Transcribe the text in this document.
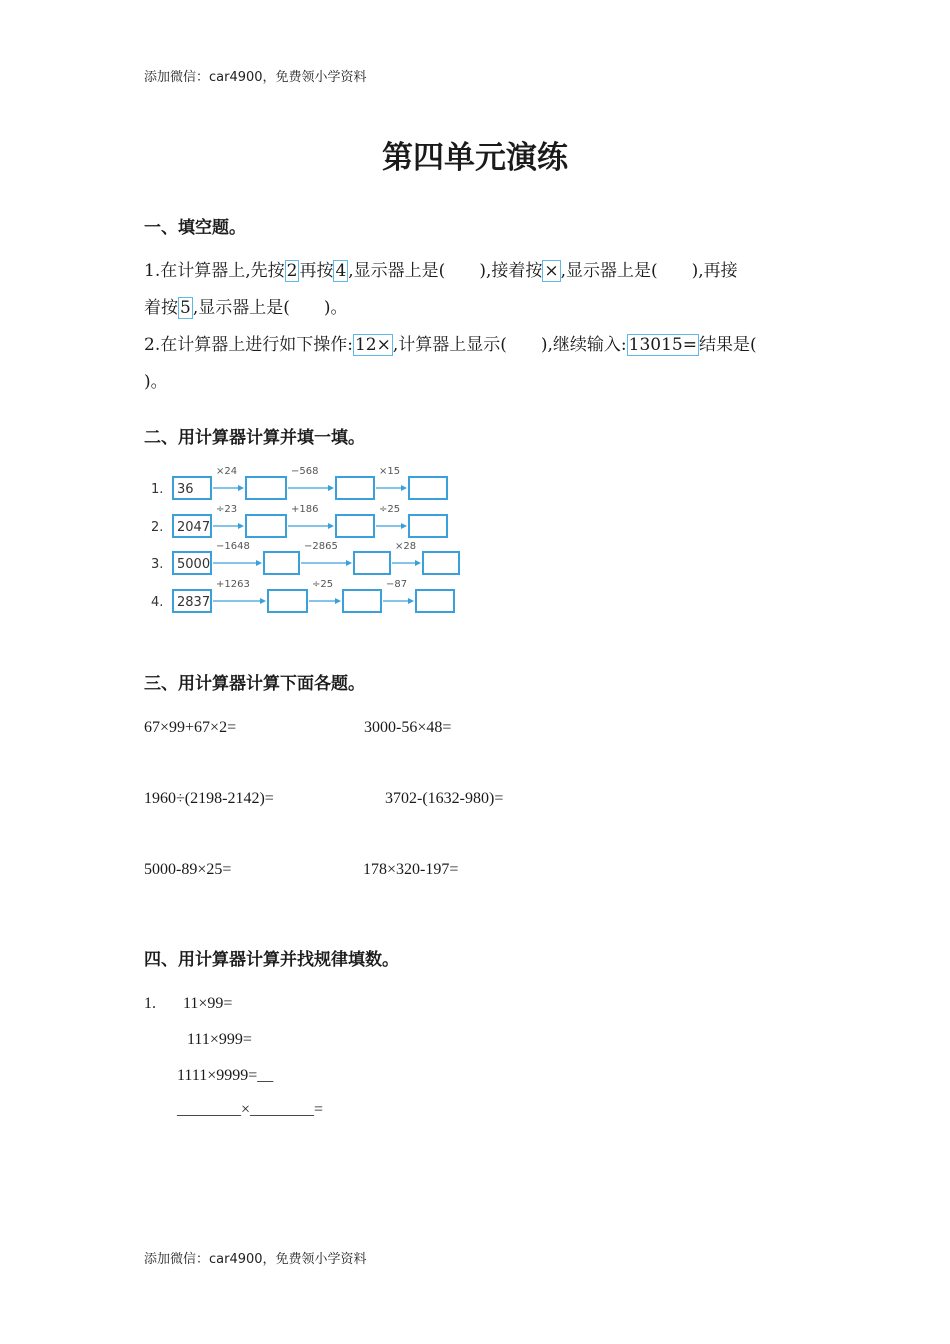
添加微信：car4900，免费领小学资料
第四单元演练
一、填空题。
1.在计算器上,先按 2 再按 4 ,显示器上是(　　),接着按 × ,显示器上是(　　),再接
着按 5 ,显示器上是(　　)。
2.在计算器上进行如下操作: 12× ,计算器上显示(　　),继续输入: 13015= 结果是(
)。
二、用计算器计算并填一填。
1. 36
×24	−568	×15
2. 2047
÷23	+186	÷25
3. 5000
−1648	−2865	×28
4. 2837
+1263	÷25	−87
三、用计算器计算下面各题。
67×99+67×2=	3000-56×48=
1960÷(2198-2142)=	3702-(1632-980)=
5000-89×25=	178×320-197=
四、用计算器计算并找规律填数。
1. 11×99=
111×999=
1111×9999=__
________×________=
添加微信：car4900，免费领小学资料
